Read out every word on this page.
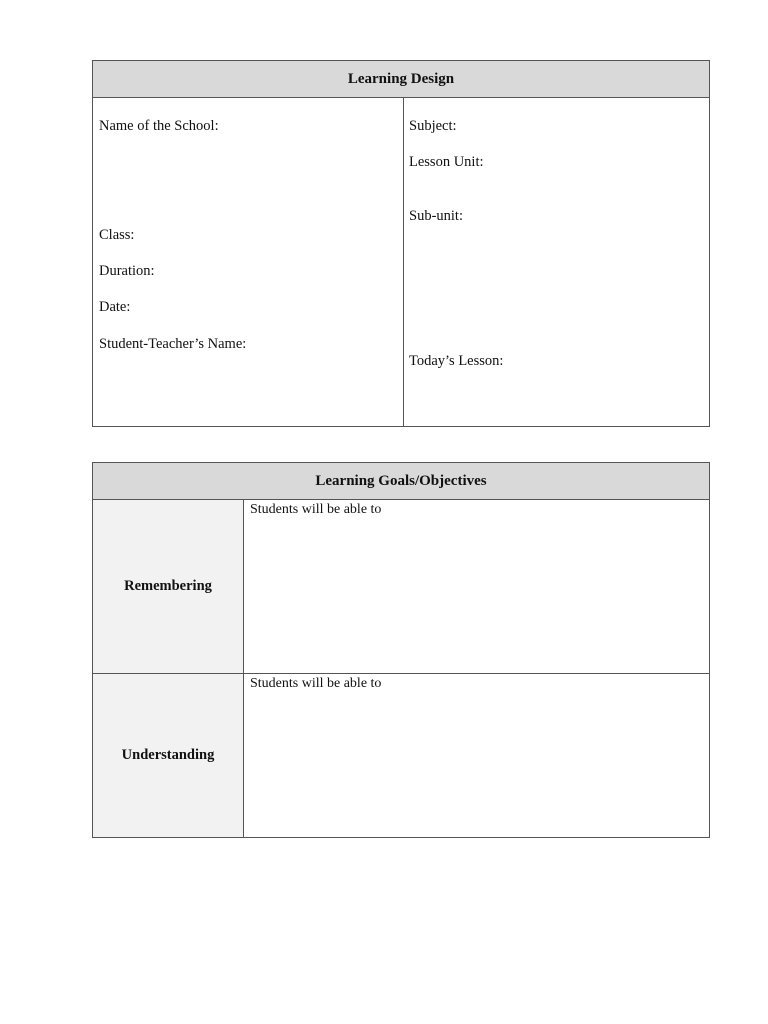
Learning Design
Name of the School:
Class:
Duration:
Date:
Student-Teacher’s Name:
Subject:
Lesson Unit:
Sub-unit:
Today’s Lesson:
Learning Goals/Objectives
Remembering
Students will be able to
Understanding
Students will be able to
